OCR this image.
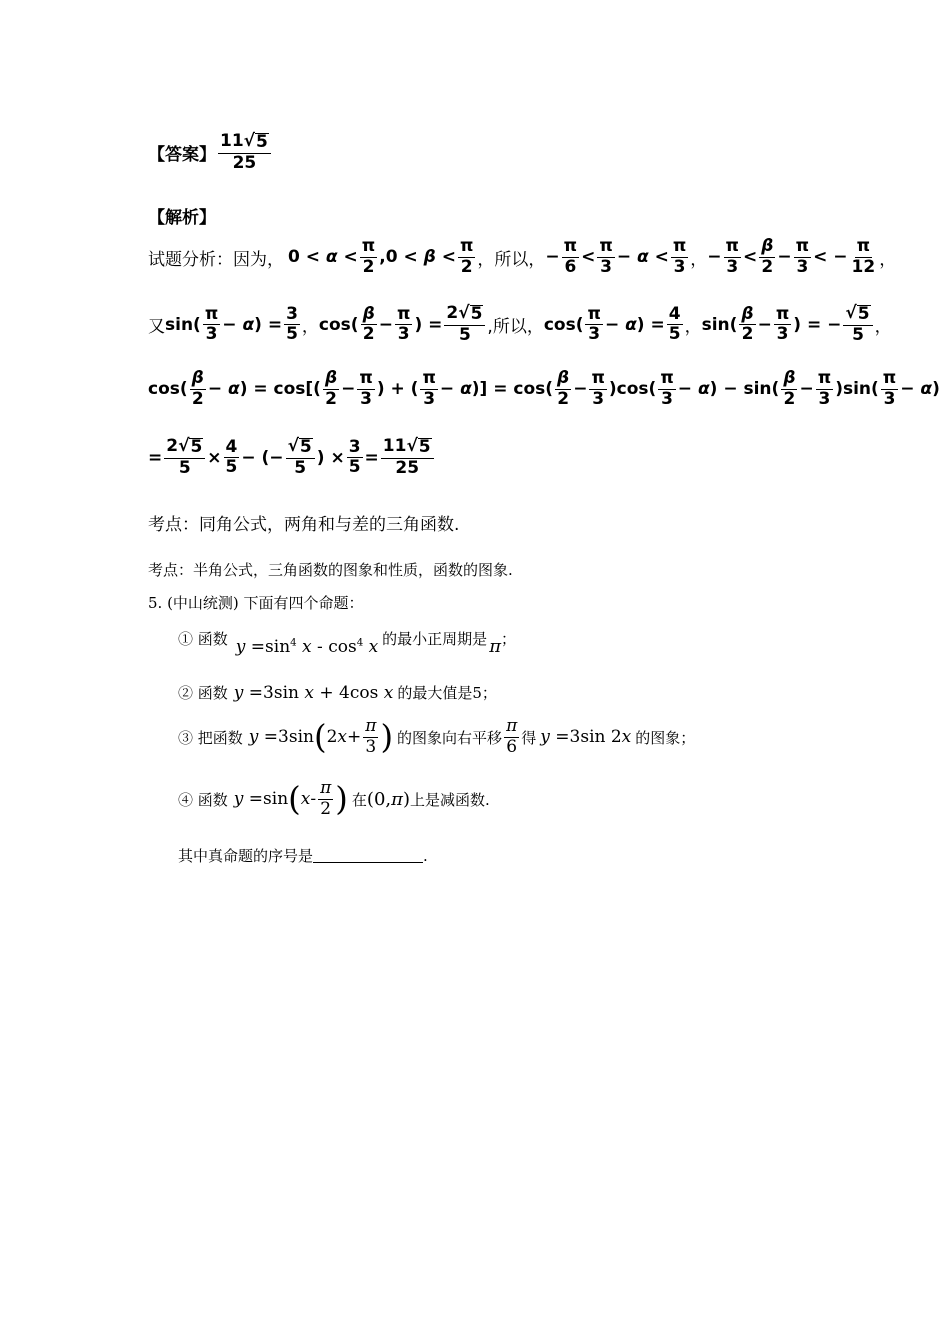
【答案】 $\frac{11 √ 5}{25}$
【解析】
试题分析：因为， $0 < \alpha < \frac{\pi}{2} ,0 < \beta < \frac{\pi}{2}$ ，所以， − $\frac{\pi}{6} < \frac{\pi}{3} - \alpha < \frac{\pi}{3}$ ， − $\frac{\pi}{3} < \frac{\beta}{2} - \frac{\pi}{3}$ < − $\frac{\pi}{12}$ ，
又 $\sin( \frac{\pi}{3} - \alpha) = \frac{3}{5}$ ， $\cos( \frac{\beta}{2} - \frac{\pi}{3}$ ) = $\frac{2 √ 5}{5}$ ,所以， $\cos( \frac{\pi}{3} - \alpha) = \frac{4}{5}$ ， $\sin( \frac{\beta}{2} - \frac{\pi}{3}$ ) = − $\frac{√ 5}{5}$ ，
$\cos( \frac{\beta}{2} - \alpha) = \cos[( \frac{\beta}{2} - \frac{\pi}{3}$ ) + ( $\frac{\pi}{3} - \alpha)] = \cos( \frac{\beta}{2} - \frac{\pi}{3} )\cos( \frac{\pi}{3} - \alpha) - \sin( \frac{\beta}{2} - \frac{\pi}{3} )\sin( \frac{\pi}{3} - \alpha)$
= $\frac{2 √ 5}{5} \times \frac{4}{5}$ − (− $\frac{√ 5}{5}$ ) × $\frac{3}{5} = \frac{11 √ 5}{25}$
考点：同角公式，两角和与差的三角函数.
考点：半角公式，三角函数的图象和性质，函数的图象.
5. (中山统测) 下面有四个命题：
① 函数 $y =\sin^4$ x - $\cos^4 x$ 的最小正周期是 π ；
② 函数 y =3sin x + 4cos x 的最大值是 5 ；
③ 把函数 y =3sin ( 2 $x + \frac{\pi}{3}$ ) 的图象向右平移 $\frac{\pi}{6}$ 得 y =3sin 2x 的图象；
④ 函数 y =sin ( x - $\frac{\pi}{2}$ ) 在 (0,π) 上是减函数.
其中真命题的序号是	.
